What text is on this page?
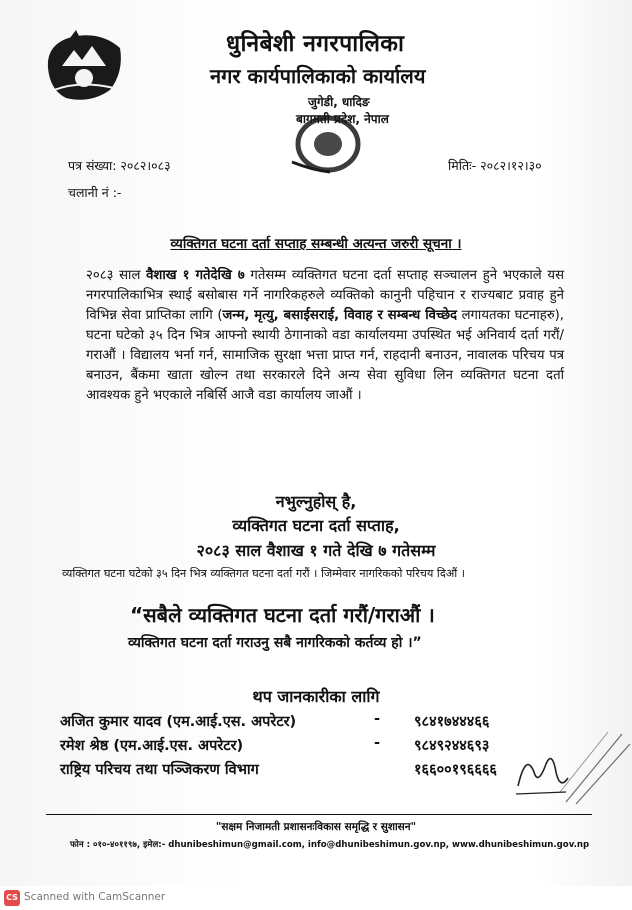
धुनिबेशी नगरपालिका
नगर कार्यपालिकाको कार्यालय
जुगेडी, धादिङ
बागमती प्रदेश, नेपाल
पत्र संख्या: २०८२।०८३	मितिः- २०८२।१२।३०
चलानी नं :-
व्यक्तिगत घटना दर्ता सप्ताह सम्बन्धी अत्यन्त जरुरी सूचना ।
२०८३ साल वैशाख १ गतेदेखि ७ गतेसम्म व्यक्तिगत घटना दर्ता सप्ताह सञ्चालन हुने भएकाले यस नगरपालिकाभित्र स्थाई बसोबास गर्ने नागरिकहरुले व्यक्तिको कानुनी पहिचान र राज्यबाट प्रवाह हुने विभिन्न सेवा प्राप्तिका लागि (जन्म, मृत्यु, बसाईसराई, विवाह र सम्बन्ध विच्छेद लगायतका घटनाहरु), घटना घटेको ३५ दिन भित्र आफ्नो स्थायी ठेगानाको वडा कार्यालयमा उपस्थित भई अनिवार्य दर्ता गरौं/गराऔं । विद्यालय भर्ना गर्न, सामाजिक सुरक्षा भत्ता प्राप्त गर्न, राहदानी बनाउन, नावालक परिचय पत्र बनाउन, बैंकमा खाता खोल्न तथा सरकारले दिने अन्य सेवा सुविधा लिन व्यक्तिगत घटना दर्ता आवश्यक हुने भएकाले नबिर्सि आजै वडा कार्यालय जाऔं ।
नभुल्नुहोस् है,
व्यक्तिगत घटना दर्ता सप्ताह,
२०८३ साल वैशाख १ गते देखि ७ गतेसम्म
व्यक्तिगत घटना घटेको ३५ दिन भित्र व्यक्तिगत घटना दर्ता गरौं । जिम्मेवार नागरिकको परिचय दिऔं ।
“सबैले व्यक्तिगत घटना दर्ता गरौं/गराऔं ।
व्यक्तिगत घटना दर्ता गराउनु सबै नागरिकको कर्तव्य हो ।”
थप जानकारीका लागि
अजित कुमार यादव (एम.आई.एस. अपरेटर)	- ९८४१७४४४६६
रमेश श्रेष्ठ (एम.आई.एस. अपरेटर)	- ९८४९२४४६९३
राष्ट्रिय परिचय तथा पञ्जिकरण विभाग	१६६००१९६६६६
"सक्षम निजामती प्रशासनःविकास समृद्धि र सुशासन"
फोन : ०१०-४०११९७, इमेल:- dhunibeshimun@gmail.com, info@dhunibeshimun.gov.np, www.dhunibeshimun.gov.np
CS Scanned with CamScanner
